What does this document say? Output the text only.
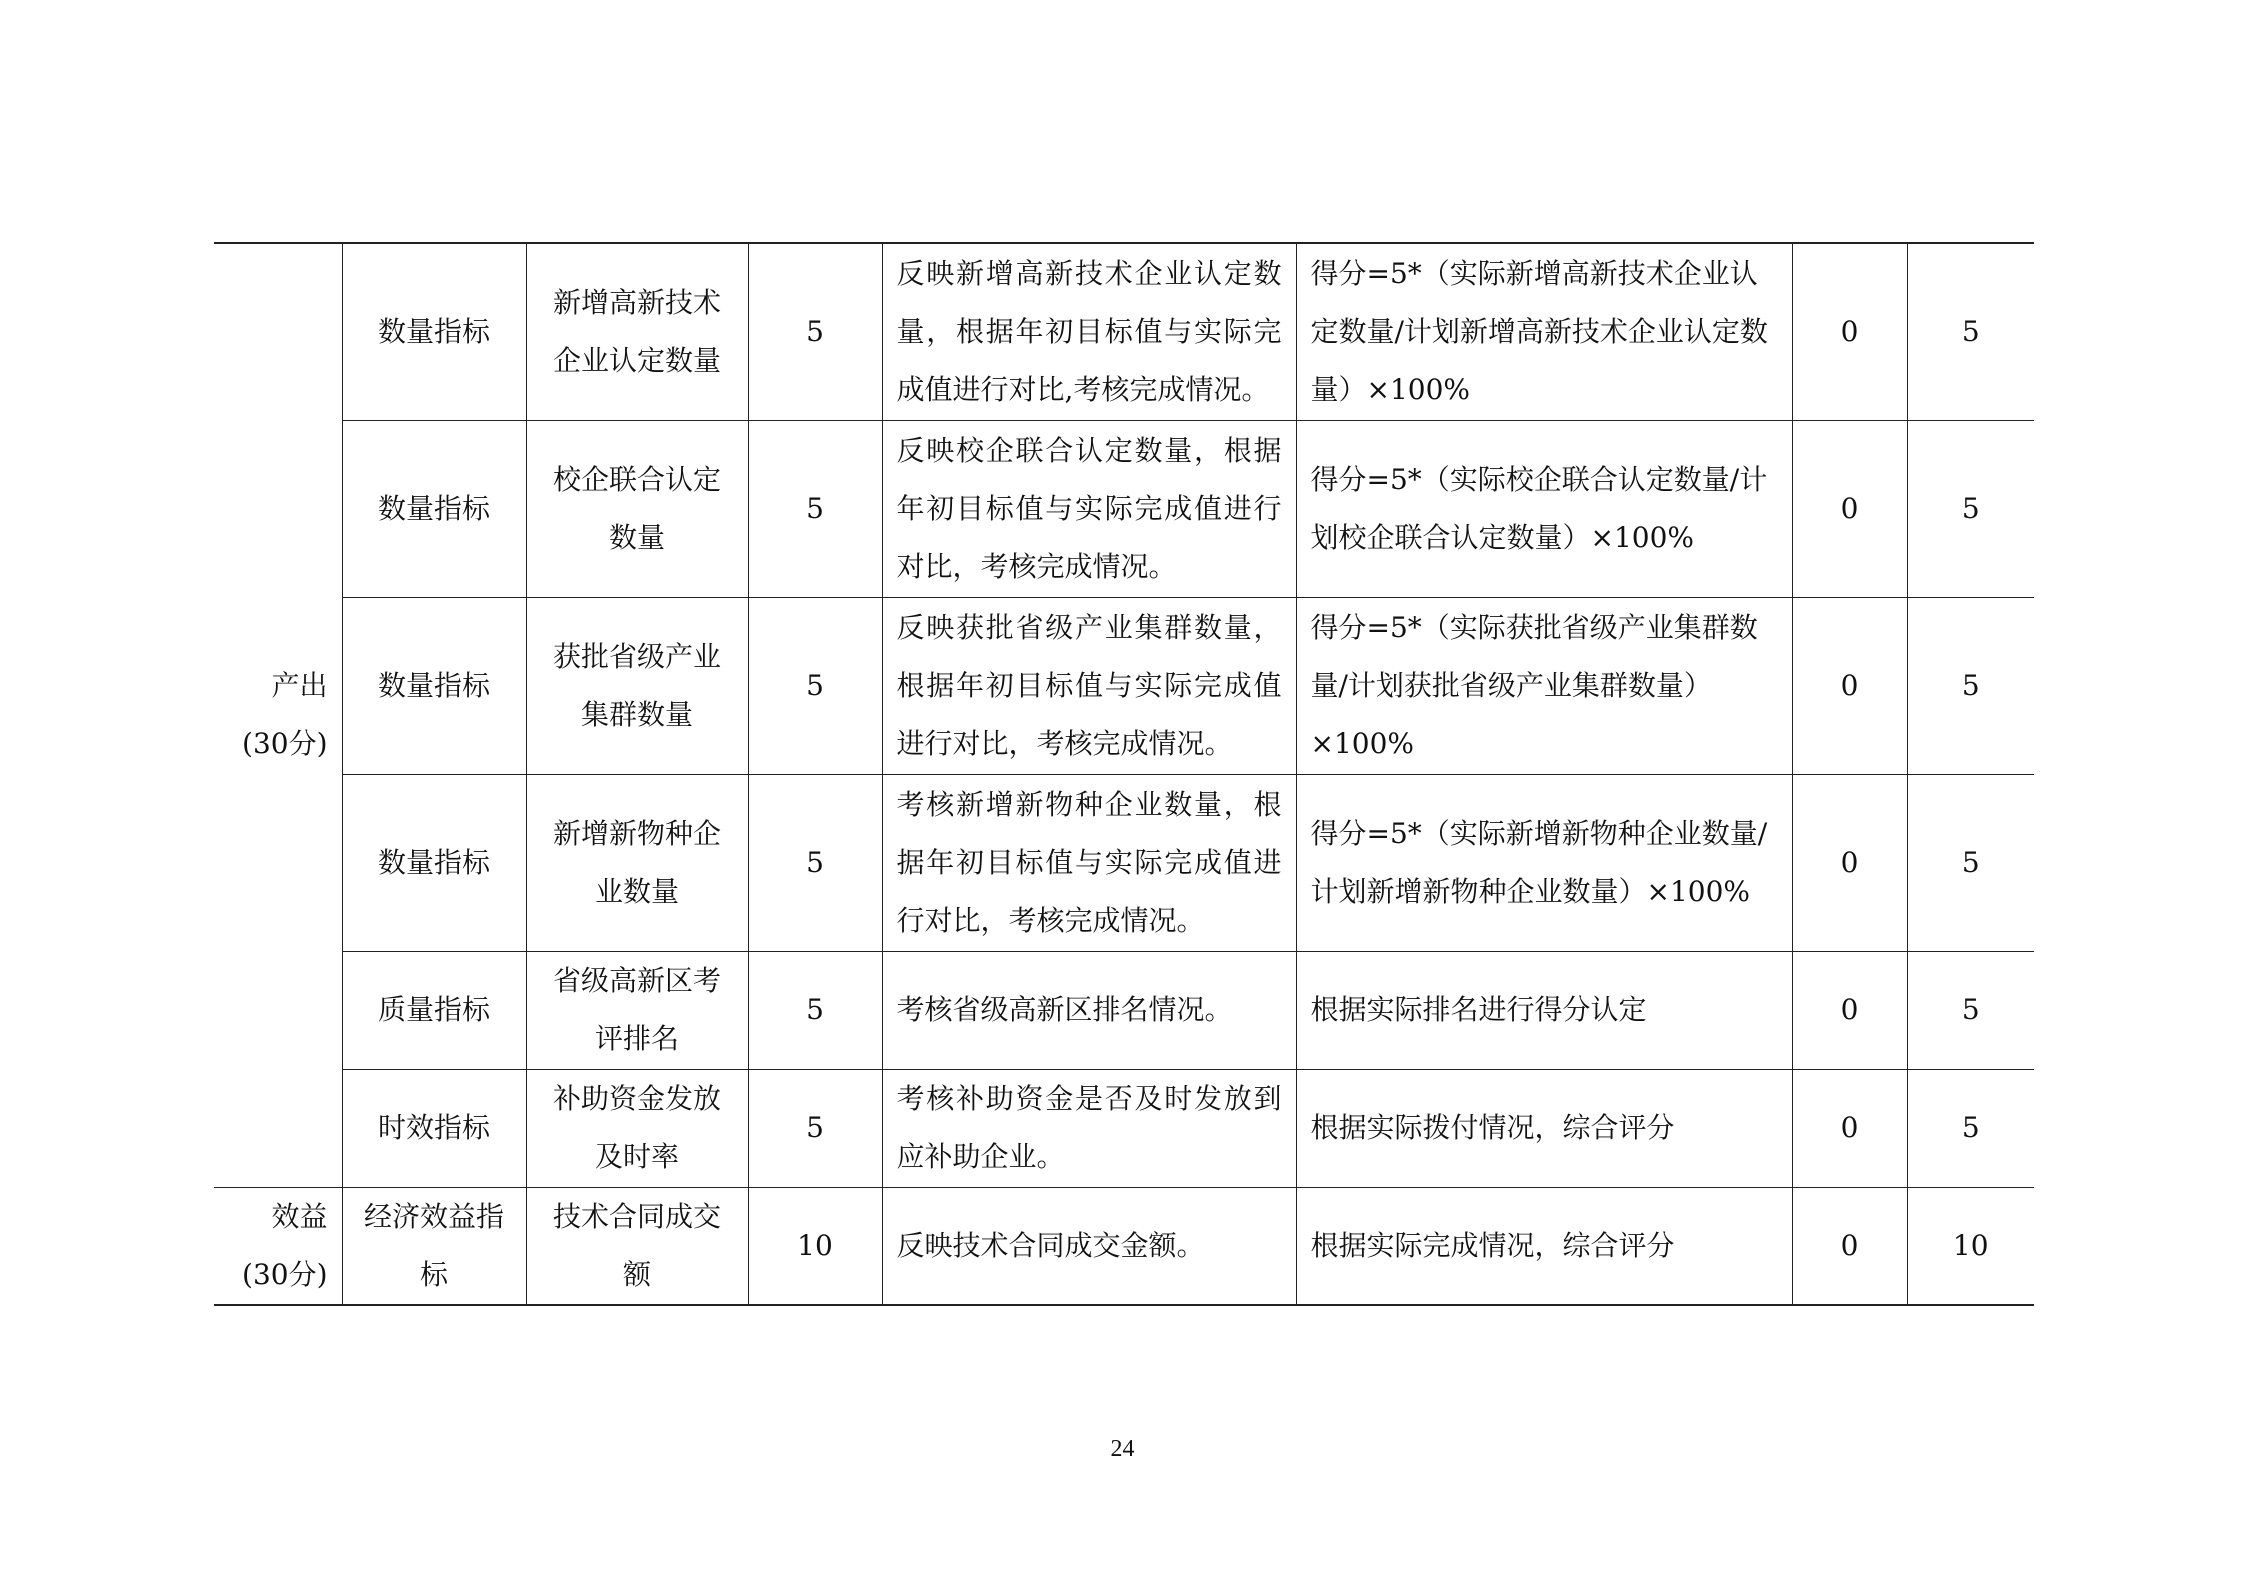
产出(30分)	数量指标	新增高新技术企业认定数量	5	反映新增高新技术企业认定数量，根据年初目标值与实际完成值进行对比,考核完成情况。	得分=5*（实际新增高新技术企业认定数量/计划新增高新技术企业认定数量）×100%	0	5
	数量指标	校企联合认定数量	5	反映校企联合认定数量，根据年初目标值与实际完成值进行对比，考核完成情况。	得分=5*（实际校企联合认定数量/计划校企联合认定数量）×100%	0	5
	数量指标	获批省级产业集群数量	5	反映获批省级产业集群数量，根据年初目标值与实际完成值进行对比，考核完成情况。	得分=5*（实际获批省级产业集群数量/计划获批省级产业集群数量）×100%	0	5
	数量指标	新增新物种企业数量	5	考核新增新物种企业数量，根据年初目标值与实际完成值进行对比，考核完成情况。	得分=5*（实际新增新物种企业数量/计划新增新物种企业数量）×100%	0	5
	质量指标	省级高新区考评排名	5	考核省级高新区排名情况。	根据实际排名进行得分认定	0	5
	时效指标	补助资金发放及时率	5	考核补助资金是否及时发放到应补助企业。	根据实际拨付情况，综合评分	0	5
效益(30分)	经济效益指标	技术合同成交额	10	反映技术合同成交金额。	根据实际完成情况，综合评分	0	10
24
